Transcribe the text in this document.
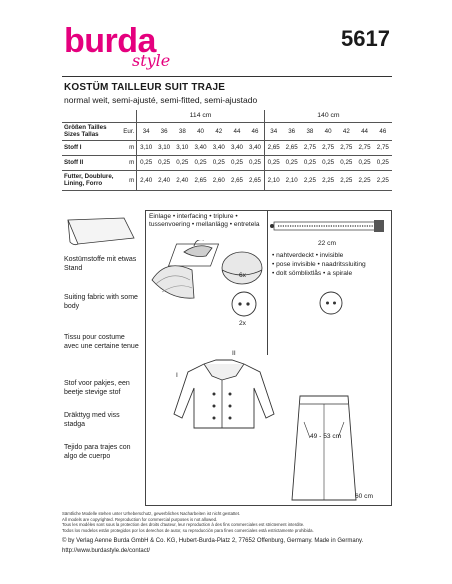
burda
style
5617
KOSTÜM TAILLEUR SUIT TRAJE
normal weit, semi-ajusté, semi-fitted, semi-ajustado
		114 cm							140 cm						

Größen Tailles
Sizes Tallas	Eur.	34	36	38	40	42	44	46	34	36	38	40	42	44	46
Stoff I	m	3,10	3,10	3,10	3,40	3,40	3,40	3,40	2,65	2,65	2,75	2,75	2,75	2,75	2,75
Stoff II	m	0,25	0,25	0,25	0,25	0,25	0,25	0,25	0,25	0,25	0,25	0,25	0,25	0,25	0,25
Futter, Doublure, Lining, Forro	m	2,40	2,40	2,40	2,65	2,60	2,65	2,65	2,10	2,10	2,25	2,25	2,25	2,25	2,25
Kostümstoffe mit etwas Stand
Suiting fabric with some body
Tissu pour costume avec une certaine tenue
Stof voor pakjes, een beetje stevige stof
Dräkttyg med viss stadga
Tejido para trajes con algo de cuerpo
Einlage • interfacing • triplure • tussenvoering • mellanlägg • entretela
6x
2x
22 cm
• nahtverdeckt • invisible
• pose invisible • naadritssluiting
• dolt sömblixtlås • a spirale
II
I
49 - 53 cm
60 cm
Sämtliche Modelle stehen unter Urheberschutz, gewerbliches Nacharbeiten ist nicht gestattet.
All models are copyrighted. Reproduction for commercial purposes is not allowed.
Tous les modèles sont sous la protection des droits d'auteur, leur reproduction à des fins commerciales est strictement interdite.
Todos los modelos están protegidos por los derechos de autor, su reproducción para fines comerciales está estrictamente prohibida.
© by Verlag Aenne Burda GmbH & Co. KG, Hubert-Burda-Platz 2, 77652 Offenburg, Germany. Made in Germany.
http://www.burdastyle.de/contact/
